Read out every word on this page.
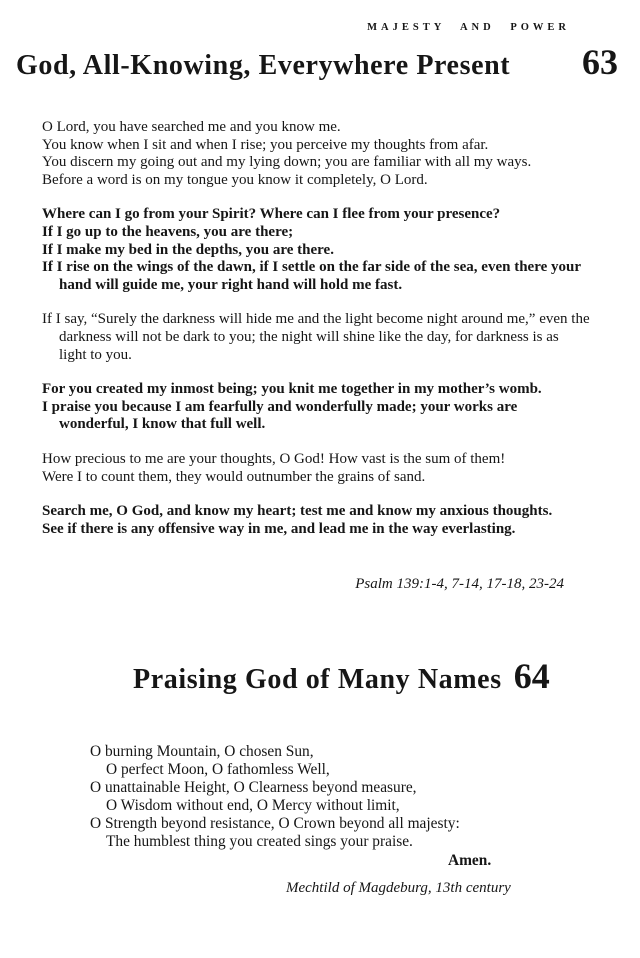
MAJESTY AND POWER
God, All-Knowing, Everywhere Present 63

O Lord, you have searched me and you know me.

You know when I sit and when I rise; you perceive my thoughts from afar.

You discern my going out and my lying down; you are familiar with all my ways.

Before a word is on my tongue you know it completely, O Lord.

Where can I go from your Spirit? Where can I flee from your presence?

If I go up to the heavens, you are there;

If I make my bed in the depths, you are there.

If I rise on the wings of the dawn, if I settle on the far side of the sea, even there your hand will guide me, your right hand will hold me fast.

If I say, “Surely the darkness will hide me and the light become night around me,” even the darkness will not be dark to you; the night will shine like the day, for darkness is as light to you.

For you created my inmost being; you knit me together in my mother’s womb.

I praise you because I am fearfully and wonderfully made; your works are wonderful, I know that full well.

How precious to me are your thoughts, O God! How vast is the sum of them!

Were I to count them, they would outnumber the grains of sand.

Search me, O God, and know my heart; test me and know my anxious thoughts.

See if there is any offensive way in me, and lead me in the way everlasting.

Psalm 139:1-4, 7-14, 17-18, 23-24

Praising God of Many Names 64

O burning Mountain, O chosen Sun,

O perfect Moon, O fathomless Well,

O unattainable Height, O Clearness beyond measure,

O Wisdom without end, O Mercy without limit,

O Strength beyond resistance, O Crown beyond all majesty:

The humblest thing you created sings your praise.

Amen.

Mechtild of Magdeburg, 13th century
